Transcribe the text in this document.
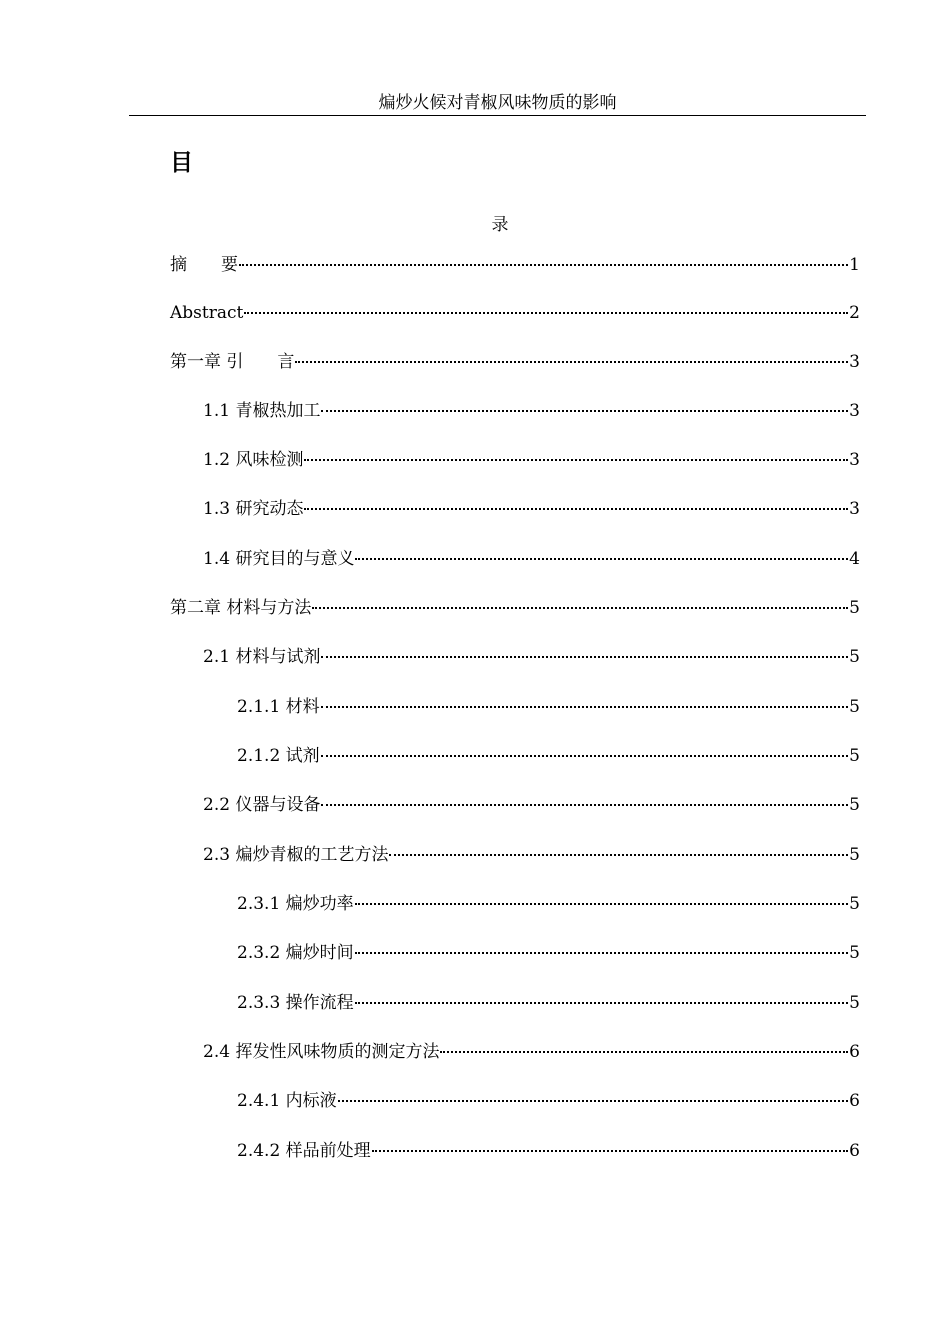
煸炒火候对青椒风味物质的影响
目
录
摘　　要	1
Abstract	2
第一章 引　　言	3
1.1 青椒热加工	3
1.2 风味检测	3
1.3 研究动态	3
1.4 研究目的与意义	4
第二章 材料与方法	5
2.1 材料与试剂	5
2.1.1 材料	5
2.1.2 试剂	5
2.2 仪器与设备	5
2.3 煸炒青椒的工艺方法	5
2.3.1 煸炒功率	5
2.3.2 煸炒时间	5
2.3.3 操作流程	5
2.4 挥发性风味物质的测定方法	6
2.4.1 内标液	6
2.4.2 样品前处理	6
